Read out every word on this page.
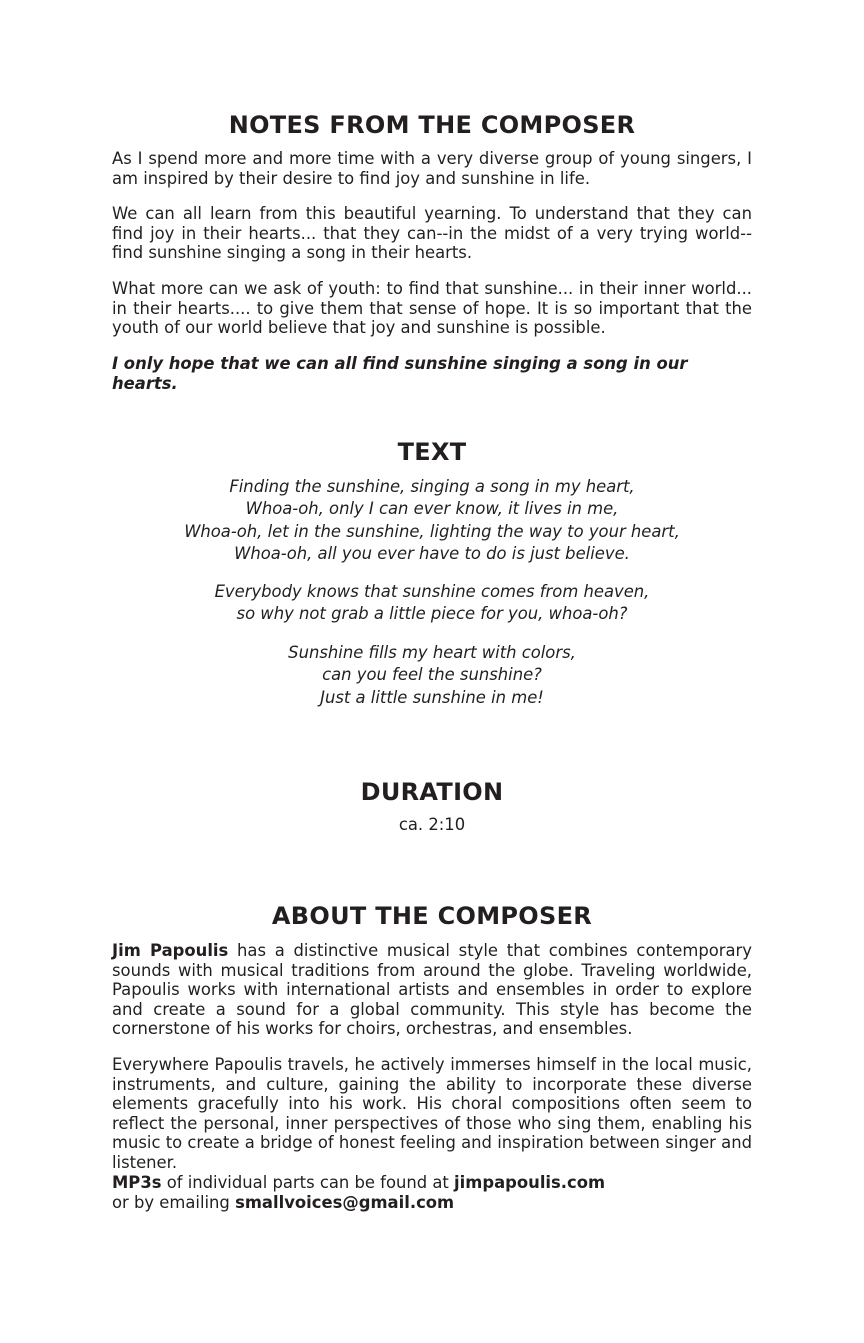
NOTES FROM THE COMPOSER

As I spend more and more time with a very diverse group of young singers, I am inspired by their desire to find joy and sunshine in life.

We can all learn from this beautiful yearning. To understand that they can find joy in their hearts... that they can--in the midst of a very trying world--find sunshine singing a song in their hearts.

What more can we ask of youth: to find that sunshine... in their inner world... in their hearts.... to give them that sense of hope. It is so important that the youth of our world believe that joy and sunshine is possible.

I only hope that we can all find sunshine singing a song in our hearts.

TEXT

Finding the sunshine, singing a song in my heart,
Whoa-oh, only I can ever know, it lives in me,
Whoa-oh, let in the sunshine, lighting the way to your heart,
Whoa-oh, all you ever have to do is just believe.

Everybody knows that sunshine comes from heaven,
so why not grab a little piece for you, whoa-oh?

Sunshine fills my heart with colors,
can you feel the sunshine?
Just a little sunshine in me!

DURATION

ca. 2:10

ABOUT THE COMPOSER

Jim Papoulis has a distinctive musical style that combines contemporary sounds with musical traditions from around the globe. Traveling worldwide, Papoulis works with international artists and ensembles in order to explore and create a sound for a global community. This style has become the cornerstone of his works for choirs, orchestras, and ensembles.

Everywhere Papoulis travels, he actively immerses himself in the local music, instruments, and culture, gaining the ability to incorporate these diverse elements gracefully into his work. His choral compositions often seem to reflect the personal, inner perspectives of those who sing them, enabling his music to create a bridge of honest feeling and inspiration between singer and listener.

MP3s of individual parts can be found at jimpapoulis.com
or by emailing smallvoices@gmail.com
